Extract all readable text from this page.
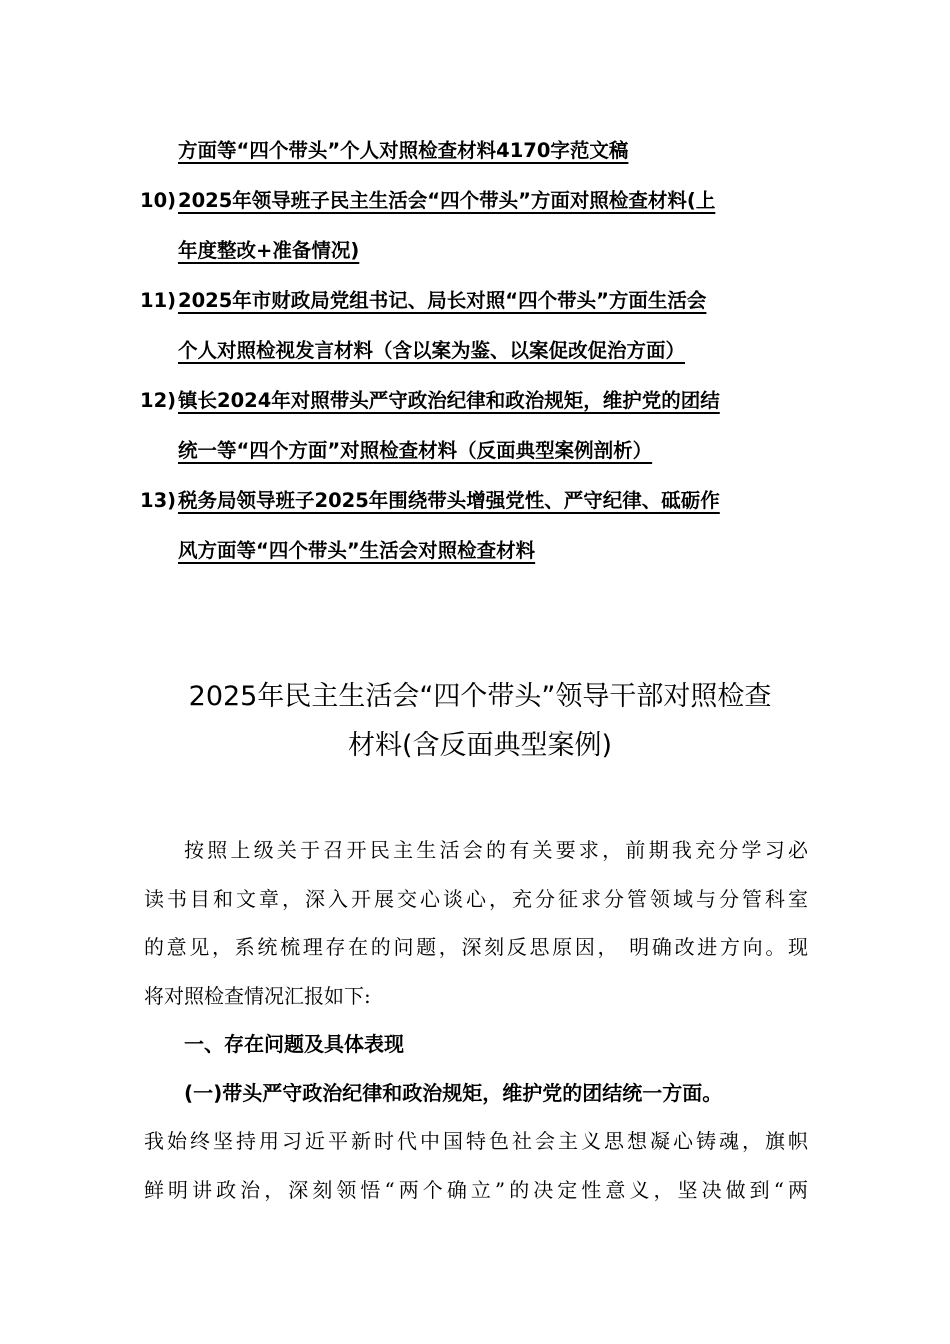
方面等“四个带头”个人对照检查材料4170字范文稿
10)2025年领导班子民主生活会“四个带头”方面对照检查材料(上
年度整改+准备情况)
11)2025年市财政局党组书记、局长对照“四个带头”方面生活会
个人对照检视发言材料（含以案为鉴、以案促改促治方面）
12)镇长2024年对照带头严守政治纪律和政治规矩，维护党的团结
统一等“四个方面”对照检查材料（反面典型案例剖析）
13)税务局领导班子2025年围绕带头增强党性、严守纪律、砥砺作
风方面等“四个带头”生活会对照检查材料
2025年民主生活会“四个带头”领导干部对照检查
材料(含反面典型案例)
按照上级关于召开民主生活会的有关要求，前期我充分学习必
读书目和文章，深入开展交心谈心，充分征求分管领域与分管科室
的意见，系统梳理存在的问题，深刻反思原因， 明确改进方向。现
将对照检查情况汇报如下:
一、存在问题及具体表现
(一)带头严守政治纪律和政治规矩，维护党的团结统一方面。
我始终坚持用习近平新时代中国特色社会主义思想凝心铸魂，旗帜
鲜明讲政治，深刻领悟“两个确立”的决定性意义，坚决做到“两
